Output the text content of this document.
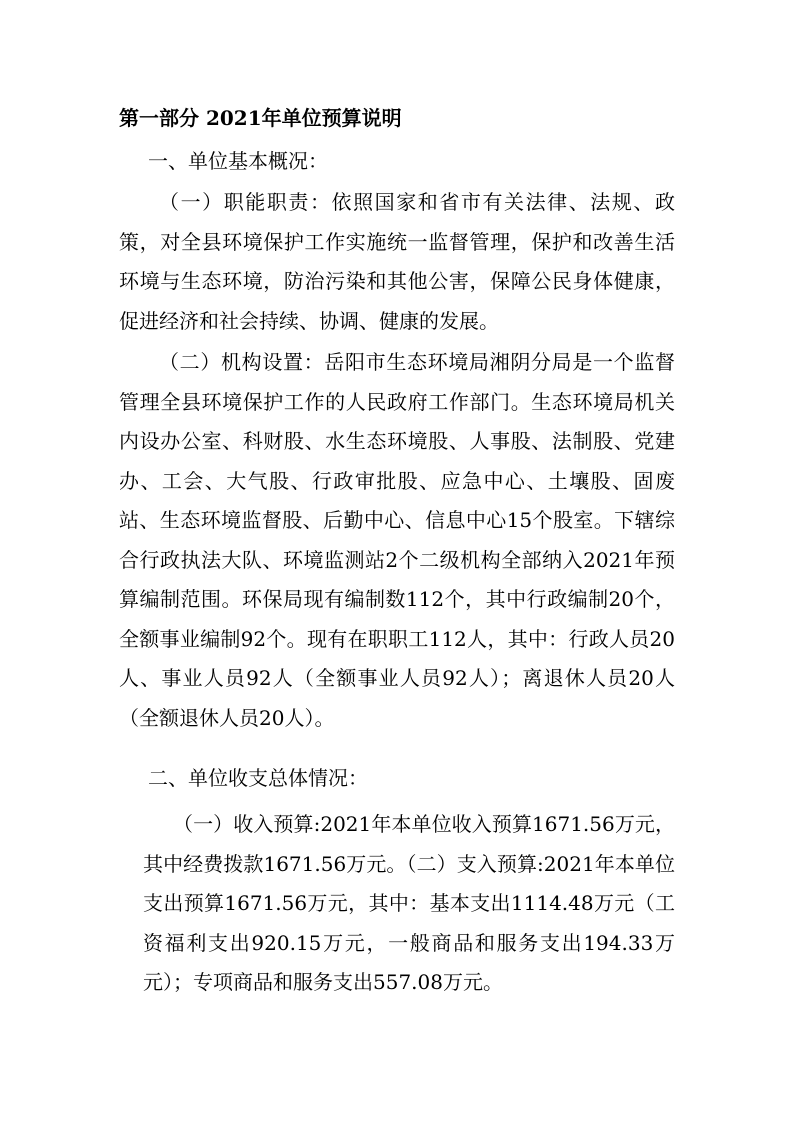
第一部分 2021年单位预算说明
一、单位基本概况：

（一）职能职责：依照国家和省市有关法律、法规、政策，对全县环境保护工作实施统一监督管理，保护和改善生活环境与生态环境，防治污染和其他公害，保障公民身体健康，促进经济和社会持续、协调、健康的发展。

（二）机构设置：岳阳市生态环境局湘阴分局是一个监督管理全县环境保护工作的人民政府工作部门。生态环境局机关内设办公室、科财股、水生态环境股、人事股、法制股、党建办、工会、大气股、行政审批股、应急中心、土壤股、固废站、生态环境监督股、后勤中心、信息中心15个股室。下辖综合行政执法大队、环境监测站2个二级机构全部纳入2021年预算编制范围。环保局现有编制数112个，其中行政编制20个，全额事业编制92个。现有在职职工112人，其中：行政人员20人、事业人员92人（全额事业人员92人）；离退休人员20人（全额退休人员20人）。

二、单位收支总体情况：

（一）收入预算:2021年本单位收入预算1671.56万元，其中经费拨款1671.56万元。（二）支入预算:2021年本单位支出预算1671.56万元，其中：基本支出1114.48万元（工资福利支出920.15万元，一般商品和服务支出194.33万元）；专项商品和服务支出557.08万元。
